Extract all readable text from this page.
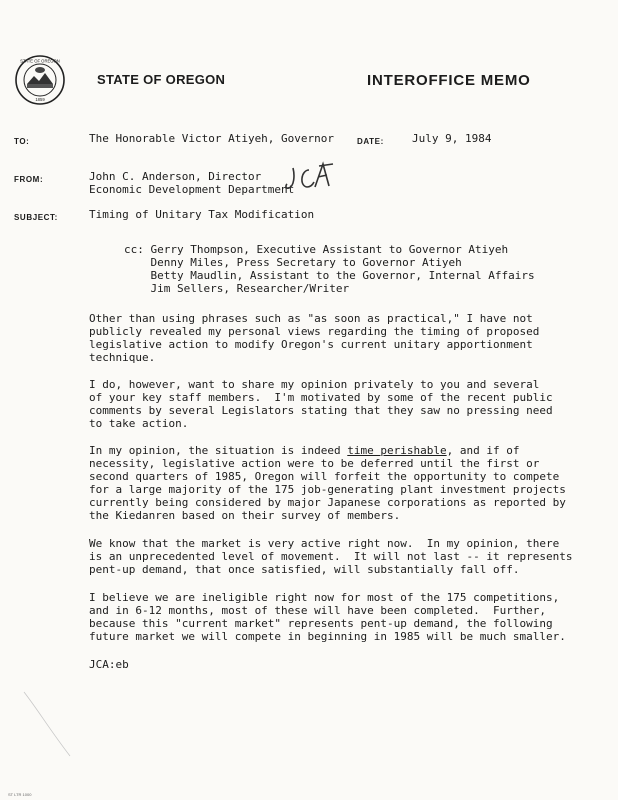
STATE OF OREGON
1859
STATE OF OREGON	INTEROFFICE MEMO
TO:	The Honorable Victor Atiyeh, Governor	DATE:	July 9, 1984
FROM:	John C. Anderson, Director
Economic Development Department
SUBJECT:	Timing of Unitary Tax Modification
cc: Gerry Thompson, Executive Assistant to Governor Atiyeh
Denny Miles, Press Secretary to Governor Atiyeh
Betty Maudlin, Assistant to the Governor, Internal Affairs
Jim Sellers, Researcher/Writer
Other than using phrases such as "as soon as practical," I have not
publicly revealed my personal views regarding the timing of proposed
legislative action to modify Oregon's current unitary apportionment
technique.
I do, however, want to share my opinion privately to you and several
of your key staff members.  I'm motivated by some of the recent public
comments by several Legislators stating that they saw no pressing need
to take action.
In my opinion, the situation is indeed time perishable, and if of
necessity, legislative action were to be deferred until the first or
second quarters of 1985, Oregon will forfeit the opportunity to compete
for a large majority of the 175 job-generating plant investment projects
currently being considered by major Japanese corporations as reported by
the Kiedanren based on their survey of members.
We know that the market is very active right now.  In my opinion, there
is an unprecedented level of movement.  It will not last -- it represents
pent-up demand, that once satisfied, will substantially fall off.
I believe we are ineligible right now for most of the 175 competitions,
and in 6-12 months, most of these will have been completed.  Further,
because this "current market" represents pent-up demand, the following
future market we will compete in beginning in 1985 will be much smaller.
JCA:eb
ST LTR 1000
